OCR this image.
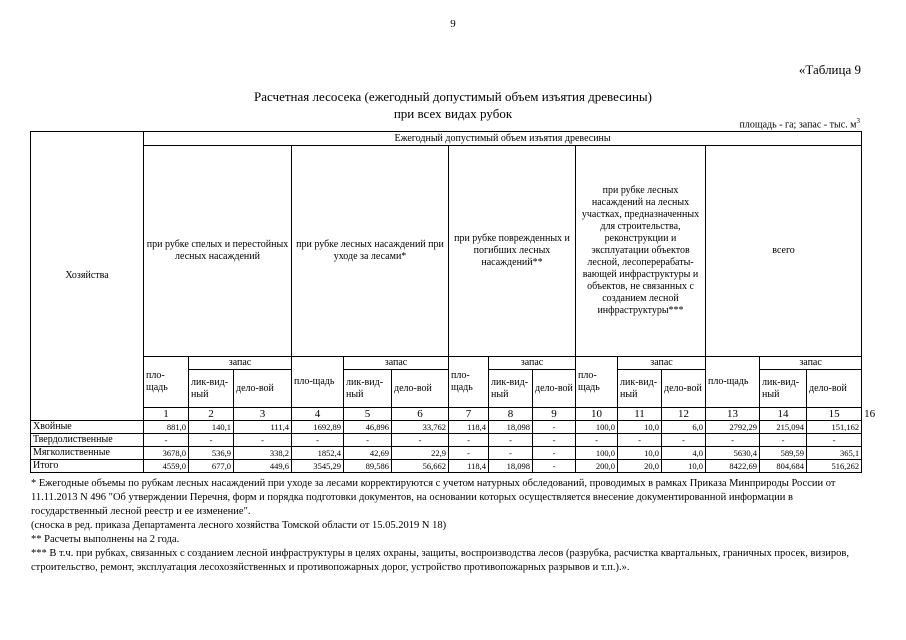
9
«Таблица 9
Расчетная лесосека (ежегодный допустимый объем изъятия древесины)
при всех видах рубок
площадь - га; запас - тыс. $м^3$
Хозяйства	Ежегодный допустимый объем изъятия древесины															
	при рубке спелых и перестойных лесных насаждений			при рубке лесных насаждений при уходе за лесами*			при рубке поврежденных и погибших лесных насаждений**			при рубке лесных насаждений на лесных участках, предназначенных для строительства, реконструкции и эксплуатации объектов лесной, лесоперерабаты-вающей инфраструктуры и объектов, не связанных с созданием лесной инфраструктуры***			всего			
	пло-щадь	запас		пло-щадь	запас		пло-щадь	запас		пло-щадь	запас		пло-щадь	запас		
		лик-вид-ный	дело-вой		лик-вид-ный	дело-вой		лик-вид-ный	дело-вой		лик-вид-ный	дело-вой		лик-вид-ный	дело-вой	
	1	2	3	4	5	6	7	8	9	10	11	12	13	14	15	16
Хвойные	881,0	140,1	111,4	1692,89	46,896	33,762	118,4	18,098	-	100,0	10,0	6,0	2792,29	215,094	151,162	
Твердолиственные	-	-	-	-	-	-	-	-	-	-	-	-	-	-	-	
Мягколиственные	3678,0	536,9	338,2	1852,4	42,69	22,9	-	-	-	100,0	10,0	4,0	5630,4	589,59	365,1	
Итого	4559,0	677,0	449,6	3545,29	89,586	56,662	118,4	18,098	-	200,0	20,0	10,0	8422,69	804,684	516,262	

* Ежегодные объемы по рубкам лесных насаждений при уходе за лесами корректируются с учетом натурных обследований, проводимых в рамках Приказа Минприроды России от 11.11.2013 N 496 "Об утверждении Перечня, форм и порядка подготовки документов, на основании которых осуществляется внесение документированной информации в государственный лесной реестр и ее изменение".

(сноска в ред. приказа Департамента лесного хозяйства Томской области от 15.05.2019 N 18)

** Расчеты выполнены на 2 года.

*** В т.ч. при рубках, связанных с созданием лесной инфраструктуры в целях охраны, защиты, воспроизводства лесов (разрубка, расчистка квартальных, граничных просек, визиров, строительство, ремонт, эксплуатация лесохозяйственных и противопожарных дорог, устройство противопожарных разрывов и т.п.).».
